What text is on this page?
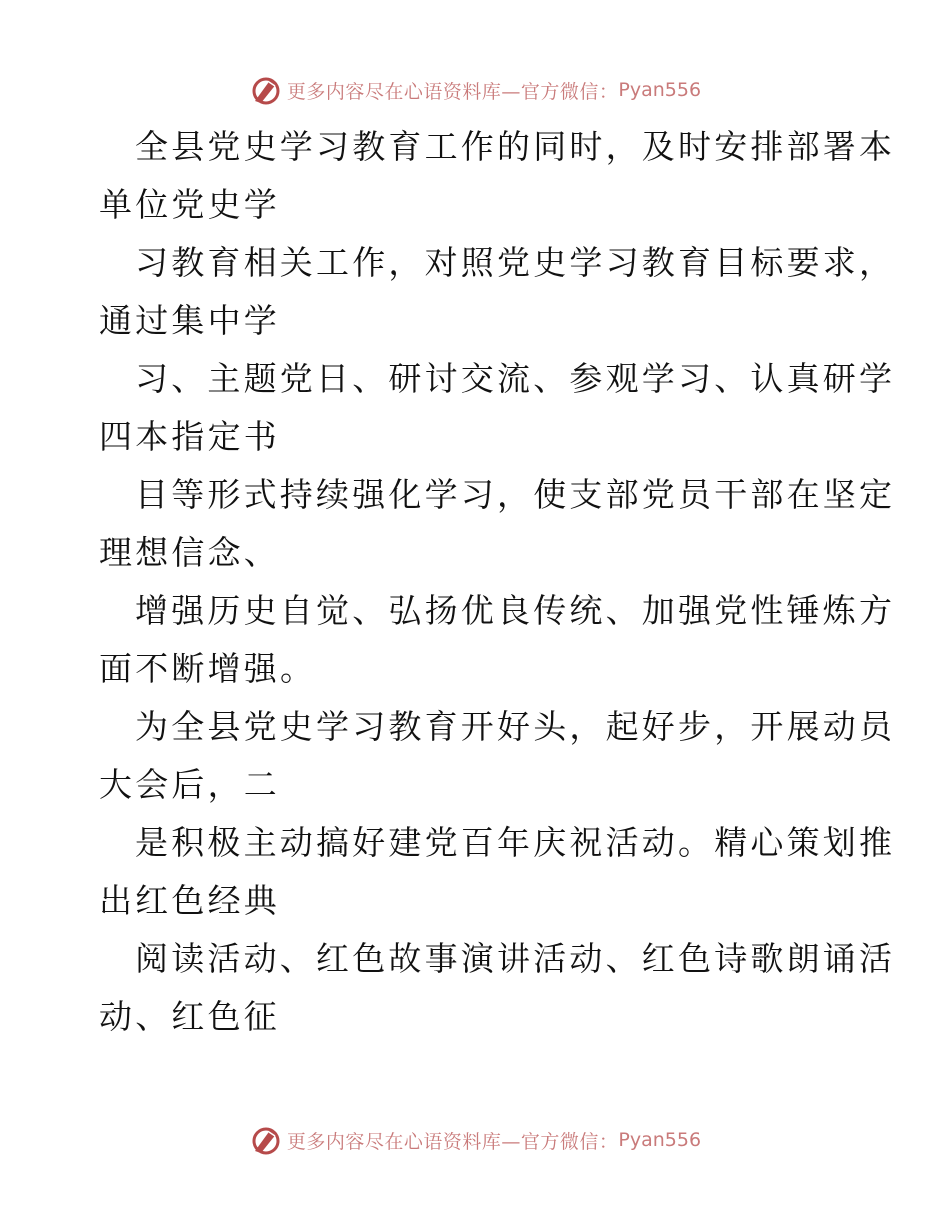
更多内容尽在心语资料库—官方微信： Pyan556
全县党史学习教育工作的同时，及时安排部署本
单位党史学
习教育相关工作，对照党史学习教育目标要求，
通过集中学
习、主题党日、研讨交流、参观学习、认真研学
四本指定书
目等形式持续强化学习，使支部党员干部在坚定
理想信念、
增强历史自觉、弘扬优良传统、加强党性锤炼方
面不断增强。
为全县党史学习教育开好头，起好步，开展动员
大会后，二
是积极主动搞好建党百年庆祝活动。精心策划推
出红色经典
阅读活动、红色故事演讲活动、红色诗歌朗诵活
动、红色征
更多内容尽在心语资料库—官方微信： Pyan556
